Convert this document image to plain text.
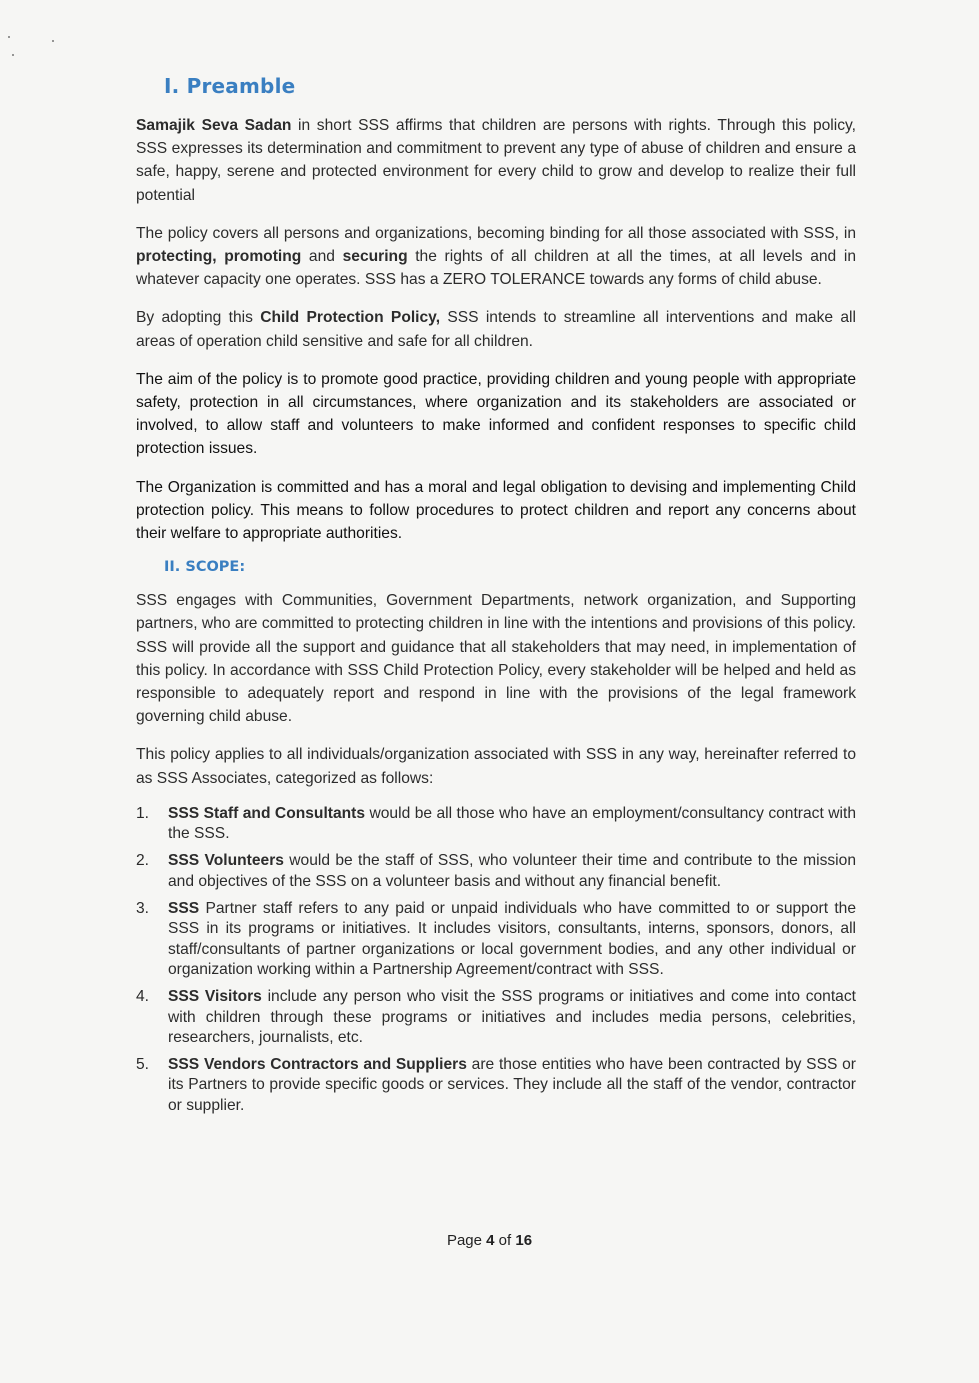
I. Preamble

Samajik Seva Sadan in short SSS affirms that children are persons with rights. Through this policy, SSS expresses its determination and commitment to prevent any type of abuse of children and ensure a safe, happy, serene and protected environment for every child to grow and develop to realize their full potential

The policy covers all persons and organizations, becoming binding for all those associated with SSS, in protecting, promoting and securing the rights of all children at all the times, at all levels and in whatever capacity one operates. SSS has a ZERO TOLERANCE towards any forms of child abuse.

By adopting this Child Protection Policy, SSS intends to streamline all interventions and make all areas of operation child sensitive and safe for all children.

The aim of the policy is to promote good practice, providing children and young people with appropriate safety, protection in all circumstances, where organization and its stakeholders are associated or involved, to allow staff and volunteers to make informed and confident responses to specific child protection issues.

The Organization is committed and has a moral and legal obligation to devising and implementing Child protection policy. This means to follow procedures to protect children and report any concerns about their welfare to appropriate authorities.

II. SCOPE:

SSS engages with Communities, Government Departments, network organization, and Supporting partners, who are committed to protecting children in line with the intentions and provisions of this policy. SSS will provide all the support and guidance that all stakeholders that may need, in implementation of this policy. In accordance with SSS Child Protection Policy, every stakeholder will be helped and held as responsible to adequately report and respond in line with the provisions of the legal framework governing child abuse.

This policy applies to all individuals/organization associated with SSS in any way, hereinafter referred to as SSS Associates, categorized as follows:

1.	SSS Staff and Consultants would be all those who have an employment/consultancy contract with the SSS.
2.	SSS Volunteers would be the staff of SSS, who volunteer their time and contribute to the mission and objectives of the SSS on a volunteer basis and without any financial benefit.
3.	SSS Partner staff refers to any paid or unpaid individuals who have committed to or support the SSS in its programs or initiatives. It includes visitors, consultants, interns, sponsors, donors, all staff/consultants of partner organizations or local government bodies, and any other individual or organization working within a Partnership Agreement/contract with SSS.
4.	SSS Visitors include any person who visit the SSS programs or initiatives and come into contact with children through these programs or initiatives and includes media persons, celebrities, researchers, journalists, etc.
5.	SSS Vendors Contractors and Suppliers are those entities who have been contracted by SSS or its Partners to provide specific goods or services. They include all the staff of the vendor, contractor or supplier.
Page 4 of 16
